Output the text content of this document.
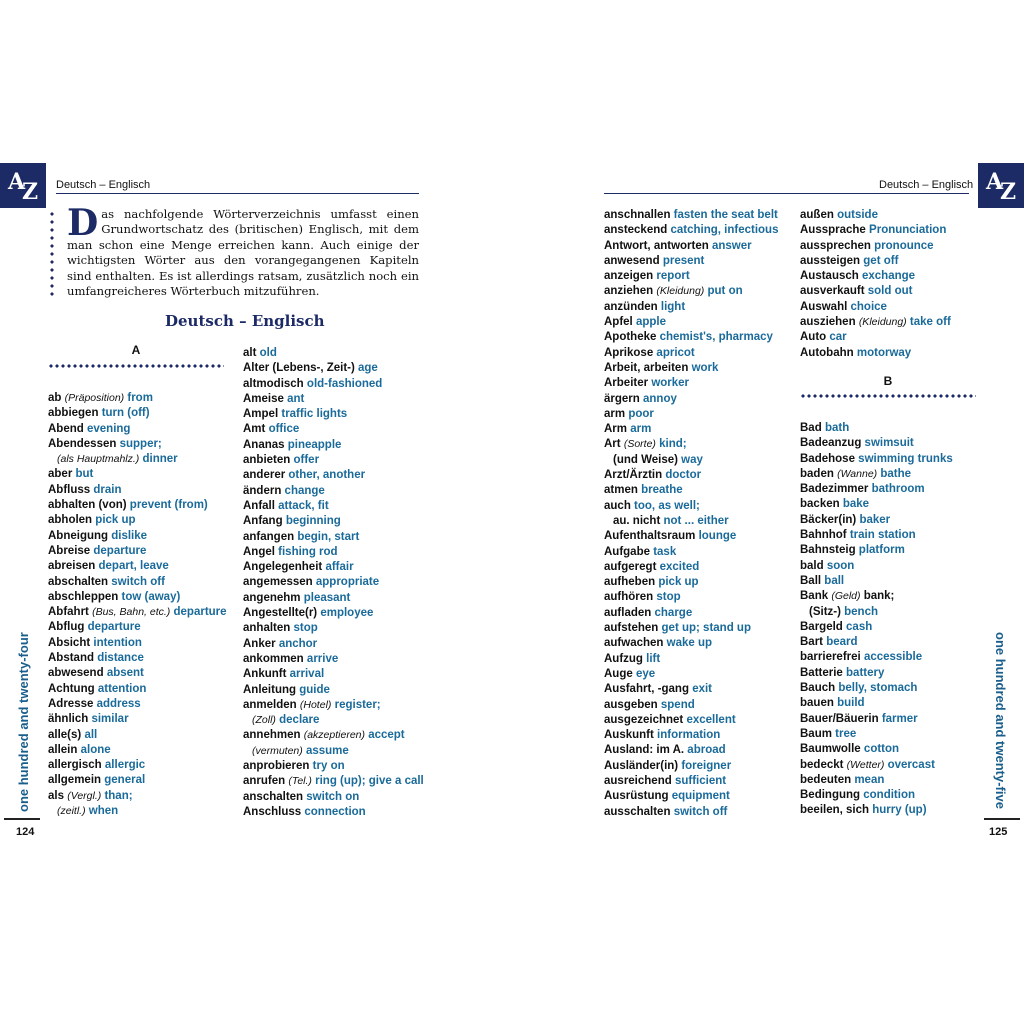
A
Z Deutsch – Englisch
Das nachfolgende Wörterverzeichnis umfasst einen Grundwortschatz des (britischen) Englisch, mit dem man schon eine Menge erreichen kann. Auch einige der wichtigsten Wörter aus den vorangegangenen Kapiteln sind enthalten. Es ist allerdings ratsam, zusätzlich noch ein umfangreicheres Wörterbuch mitzuführen.
Deutsch – Englisch
A
ab (Präposition) from
abbiegen turn (off)
Abend evening
Abendessen supper;
(als Hauptmahlz.) dinner
aber but
Abfluss drain
abhalten (von) prevent (from)
abholen pick up
Abneigung dislike
Abreise departure
abreisen depart, leave
abschalten switch off
abschleppen tow (away)
Abfahrt (Bus, Bahn, etc.) departure
Abflug departure
Absicht intention
Abstand distance
abwesend absent
Achtung attention
Adresse address
ähnlich similar
alle(s) all
allein alone
allergisch allergic
allgemein general
als (Vergl.) than;
(zeitl.) when
alt old
Alter (Lebens-, Zeit-) age
altmodisch old-fashioned
Ameise ant
Ampel traffic lights
Amt office
Ananas pineapple
anbieten offer
anderer other, another
ändern change
Anfall attack, fit
Anfang beginning
anfangen begin, start
Angel fishing rod
Angelegenheit affair
angemessen appropriate
angenehm pleasant
Angestellte(r) employee
anhalten stop
Anker anchor
ankommen arrive
Ankunft arrival
Anleitung guide
anmelden (Hotel) register;
(Zoll) declare
annehmen (akzeptieren) accept
(vermuten) assume
anprobieren try on
anrufen (Tel.) ring (up); give a call
anschalten switch on
Anschluss connection
one hundred and twenty-four
124
Deutsch – Englisch A
Z
anschnallen fasten the seat belt
ansteckend catching, infectious
Antwort, antworten answer
anwesend present
anzeigen report
anziehen (Kleidung) put on
anzünden light
Apfel apple
Apotheke chemist's, pharmacy
Aprikose apricot
Arbeit, arbeiten work
Arbeiter worker
ärgern annoy
arm poor
Arm arm
Art (Sorte) kind;
(und Weise) way
Arzt/Ärztin doctor
atmen breathe
auch too, as well;
au. nicht not ... either
Aufenthaltsraum lounge
Aufgabe task
aufgeregt excited
aufheben pick up
aufhören stop
aufladen charge
aufstehen get up; stand up
aufwachen wake up
Aufzug lift
Auge eye
Ausfahrt, -gang exit
ausgeben spend
ausgezeichnet excellent
Auskunft information
Ausland: im A. abroad
Ausländer(in) foreigner
ausreichend sufficient
Ausrüstung equipment
ausschalten switch off
außen outside
Aussprache Pronunciation
aussprechen pronounce
aussteigen get off
Austausch exchange
ausverkauft sold out
Auswahl choice
ausziehen (Kleidung) take off
Auto car
Autobahn motorway
B
Bad bath
Badeanzug swimsuit
Badehose swimming trunks
baden (Wanne) bathe
Badezimmer bathroom
backen bake
Bäcker(in) baker
Bahnhof train station
Bahnsteig platform
bald soon
Ball ball
Bank (Geld) bank;
(Sitz-) bench
Bargeld cash
Bart beard
barrierefrei accessible
Batterie battery
Bauch belly, stomach
bauen build
Bauer/Bäuerin farmer
Baum tree
Baumwolle cotton
bedeckt (Wetter) overcast
bedeuten mean
Bedingung condition
beeilen, sich hurry (up)
one hundred and twenty-five
125
